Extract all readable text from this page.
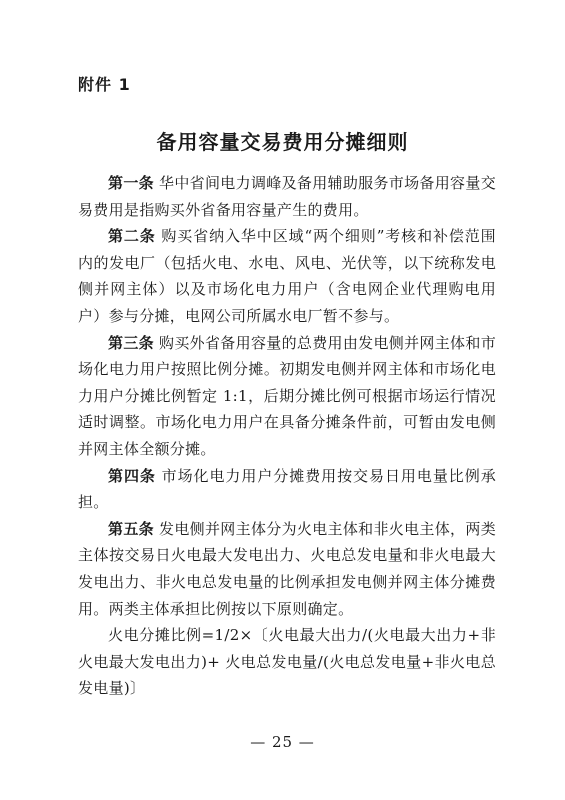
附件 1
备用容量交易费用分摊细则

第一条 华中省间电力调峰及备用辅助服务市场备用容量交易费用是指购买外省备用容量产生的费用。

第二条 购买省纳入华中区域“两个细则”考核和补偿范围内的发电厂（包括火电、水电、风电、光伏等，以下统称发电侧并网主体）以及市场化电力用户（含电网企业代理购电用户）参与分摊，电网公司所属水电厂暂不参与。

第三条 购买外省备用容量的总费用由发电侧并网主体和市场化电力用户按照比例分摊。初期发电侧并网主体和市场化电力用户分摊比例暂定 1:1，后期分摊比例可根据市场运行情况适时调整。市场化电力用户在具备分摊条件前，可暂由发电侧并网主体全额分摊。

第四条 市场化电力用户分摊费用按交易日用电量比例承担。

第五条 发电侧并网主体分为火电主体和非火电主体，两类主体按交易日火电最大发电出力、火电总发电量和非火电最大发电出力、非火电总发电量的比例承担发电侧并网主体分摊费用。两类主体承担比例按以下原则确定。

火电分摊比例=1/2×〔火电最大出力/(火电最大出力+非火电最大发电出力)+ 火电总发电量/(火电总发电量+非火电总发电量)〕

— 25 —
